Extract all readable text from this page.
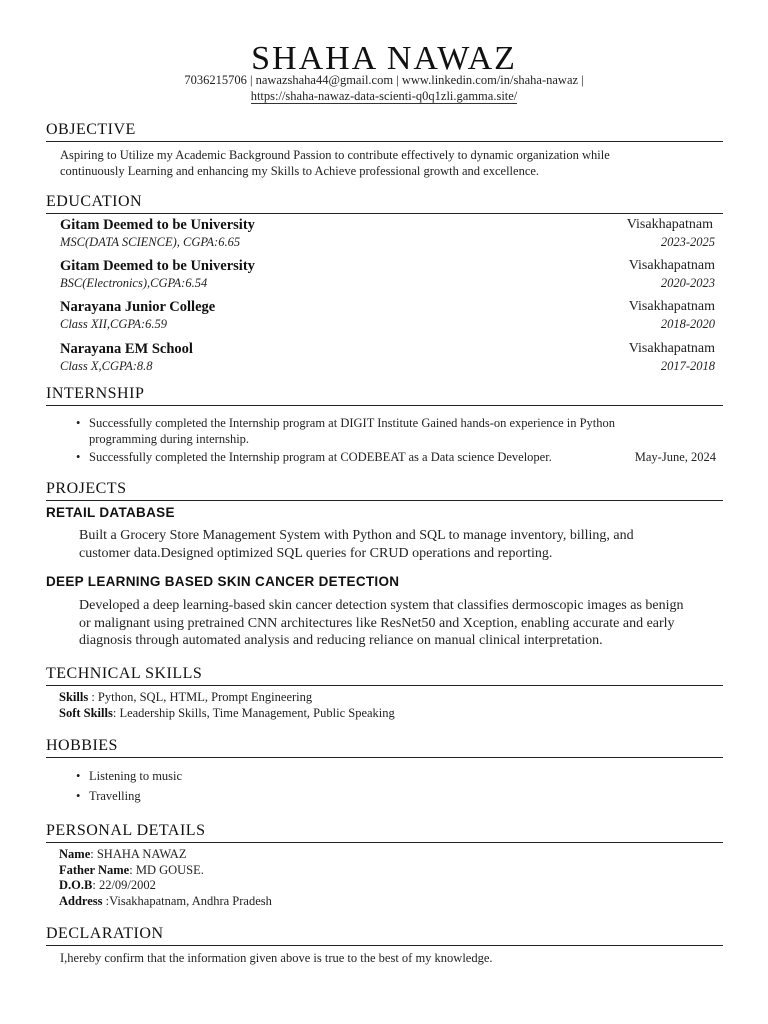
SHAHA NAWAZ
7036215706 | nawazshaha44@gmail.com | www.linkedin.com/in/shaha-nawaz |
https://shaha-nawaz-data-scienti-q0q1zli.gamma.site/
OBJECTIVE
Aspiring to Utilize my Academic Background Passion to contribute effectively to dynamic organization while
continuously Learning and enhancing my Skills to Achieve professional growth and excellence.
EDUCATION
Gitam Deemed to be University	Visakhapatnam
MSC(DATA SCIENCE), CGPA:6.65	2023-2025
Gitam Deemed to be University	Visakhapatnam
BSC(Electronics),CGPA:6.54	2020-2023
Narayana Junior College	Visakhapatnam
Class XII,CGPA:6.59	2018-2020
Narayana EM School	Visakhapatnam
Class X,CGPA:8.8	2017-2018
INTERNSHIP
• Successfully completed the Internship program at DIGIT Institute Gained hands-on experience in Python
programming during internship.
• Successfully completed the Internship program at CODEBEAT as a Data science Developer.	May-June, 2024
PROJECTS
RETAIL DATABASE
Built a Grocery Store Management System with Python and SQL to manage inventory, billing, and
customer data.Designed optimized SQL queries for CRUD operations and reporting.
DEEP LEARNING BASED SKIN CANCER DETECTION
Developed a deep learning-based skin cancer detection system that classifies dermoscopic images as benign
or malignant using pretrained CNN architectures like ResNet50 and Xception, enabling accurate and early
diagnosis through automated analysis and reducing reliance on manual clinical interpretation.
TECHNICAL SKILLS
Skills : Python, SQL, HTML, Prompt Engineering
Soft Skills: Leadership Skills, Time Management, Public Speaking
HOBBIES
• Listening to music
• Travelling
PERSONAL DETAILS
Name: SHAHA NAWAZ
Father Name: MD GOUSE.
D.O.B: 22/09/2002
Address :Visakhapatnam, Andhra Pradesh
DECLARATION
I,hereby confirm that the information given above is true to the best of my knowledge.
